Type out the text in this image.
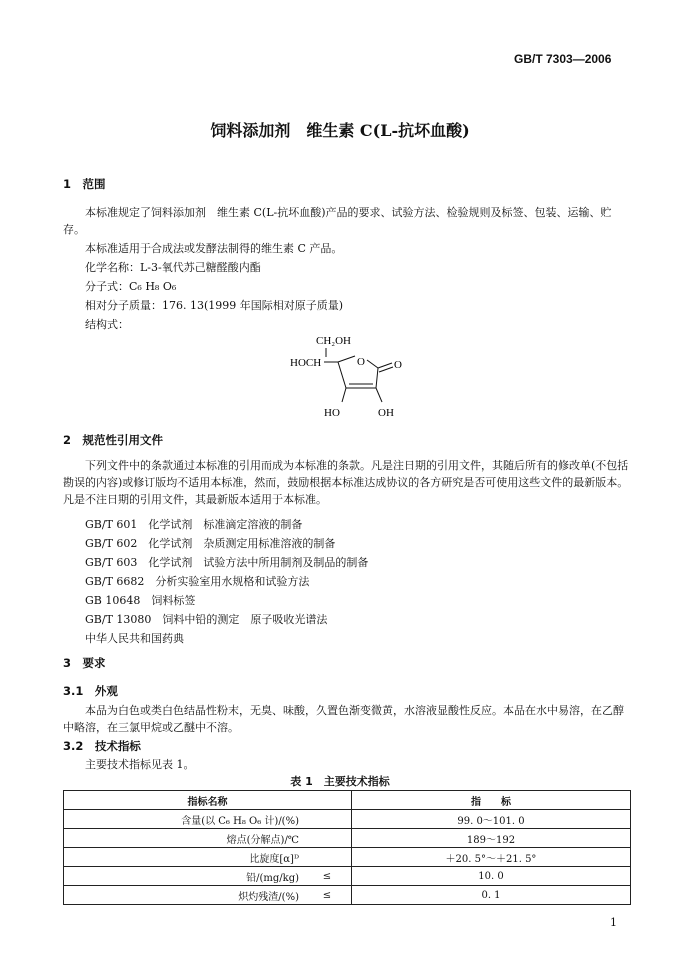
GB/T 7303—2006
饲料添加剂　维生素 C(L-抗坏血酸)
1　范围
本标准规定了饲料添加剂　维生素 C(L-抗坏血酸)产品的要求、试验方法、检验规则及标签、包装、运输、贮存。
本标准适用于合成法或发酵法制得的维生素 C 产品。
化学名称：L-3-氧代苏己糖醛酸内酯
分子式：C₆ H₈ O₆
相对分子质量：176. 13(1999 年国际相对原子质量)
结构式：
CH₂OH
HOCH	O	O
HO	OH
2　规范性引用文件
下列文件中的条款通过本标准的引用而成为本标准的条款。凡是注日期的引用文件，其随后所有的修改单(不包括勘误的内容)或修订版均不适用本标准，然而，鼓励根据本标准达成协议的各方研究是否可使用这些文件的最新版本。凡是不注日期的引用文件，其最新版本适用于本标准。
GB/T 601　化学试剂　标准滴定溶液的制备
GB/T 602　化学试剂　杂质测定用标准溶液的制备
GB/T 603　化学试剂　试验方法中所用制剂及制品的制备
GB/T 6682　分析实验室用水规格和试验方法
GB 10648　饲料标签
GB/T 13080　饲料中铅的测定　原子吸收光谱法
中华人民共和国药典
3　要求
3.1　外观
本品为白色或类白色结晶性粉末，无臭、味酸，久置色渐变微黄，水溶液显酸性反应。本品在水中易溶，在乙醇中略溶，在三氯甲烷或乙醚中不溶。
3.2　技术指标
主要技术指标见表 1。
表 1　主要技术指标
指标名称		指　　标
含量(以 C₆ H₈ O₆ 计)/(%)		99. 0～101. 0
熔点(分解点)/℃		189～192
比旋度[α]ᴰ		＋20. 5°～＋21. 5°
铅/(mg/kg)	≤	10. 0
炽灼残渣/(%)	≤	0. 1
1
